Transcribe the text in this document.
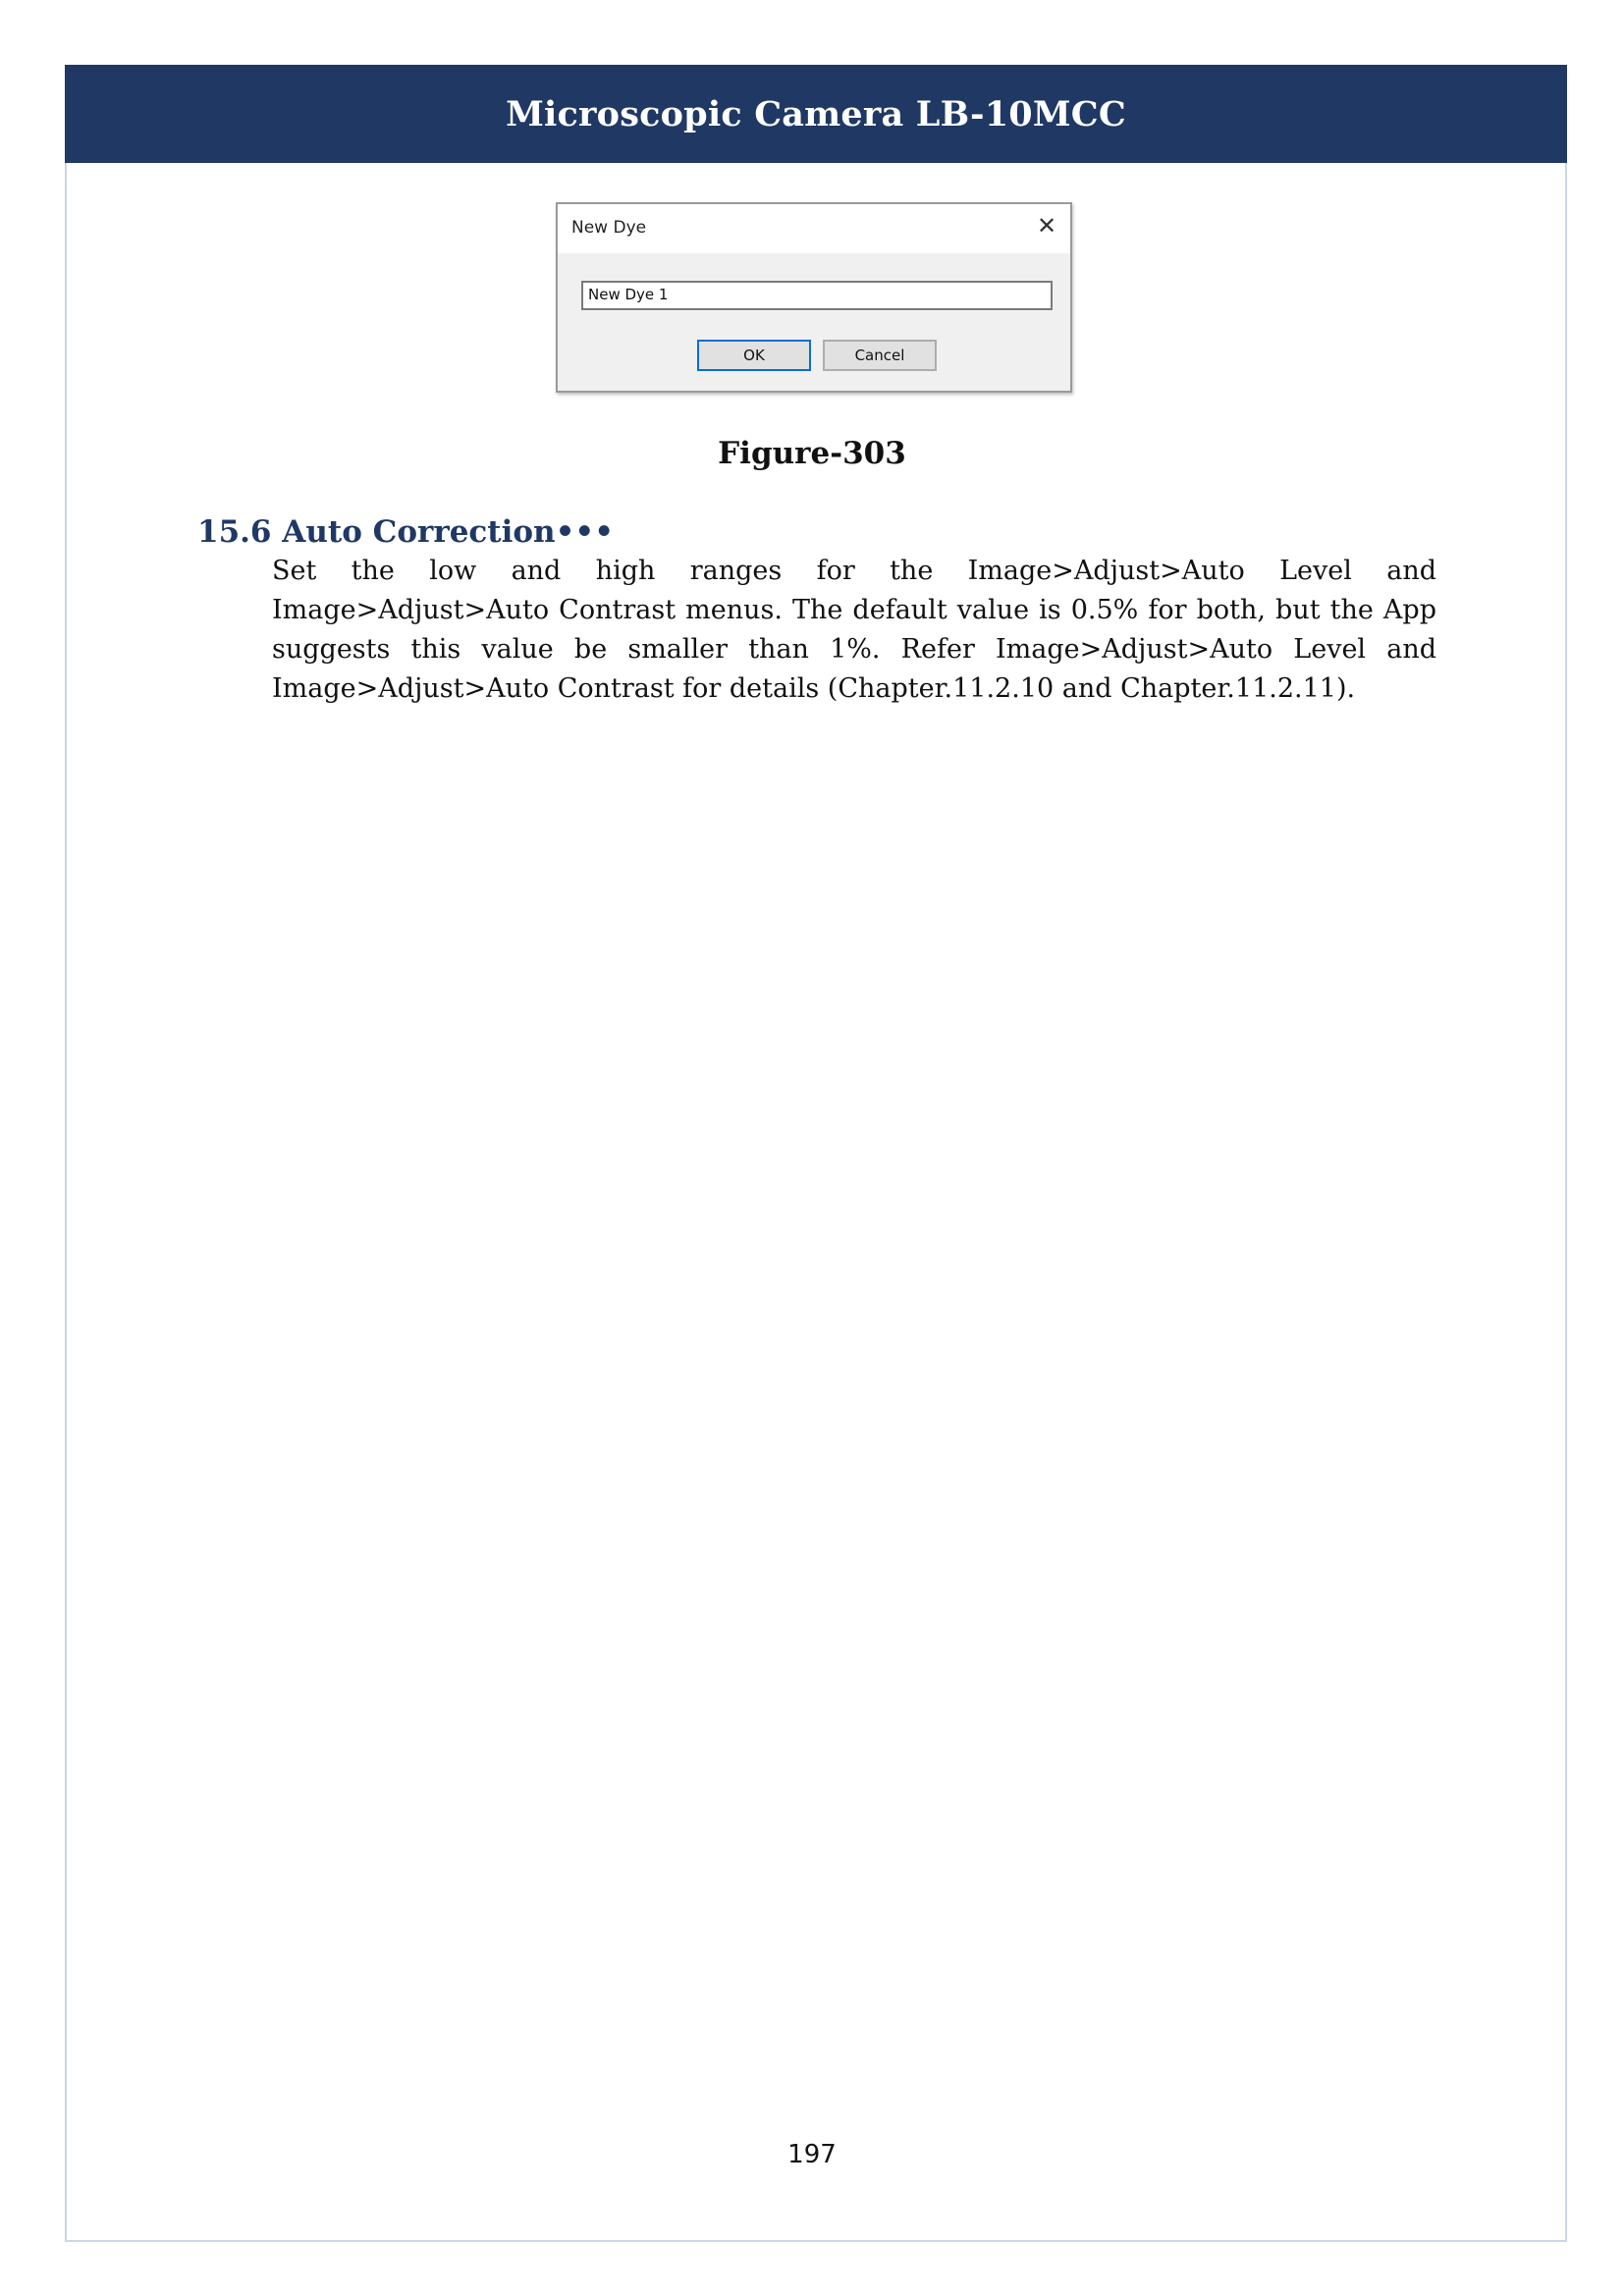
Microscopic Camera LB-10MCC
New Dye	✕
New Dye 1
OK	Cancel
Figure-303
15.6 Auto Correction•••
Set the low and high ranges for the Image>Adjust>Auto Level and Image>Adjust>Auto Contrast menus. The default value is 0.5% for both, but the App suggests this value be smaller than 1%. Refer Image>Adjust>Auto Level and Image>Adjust>Auto Contrast for details (Chapter.11.2.10 and Chapter.11.2.11).
197
